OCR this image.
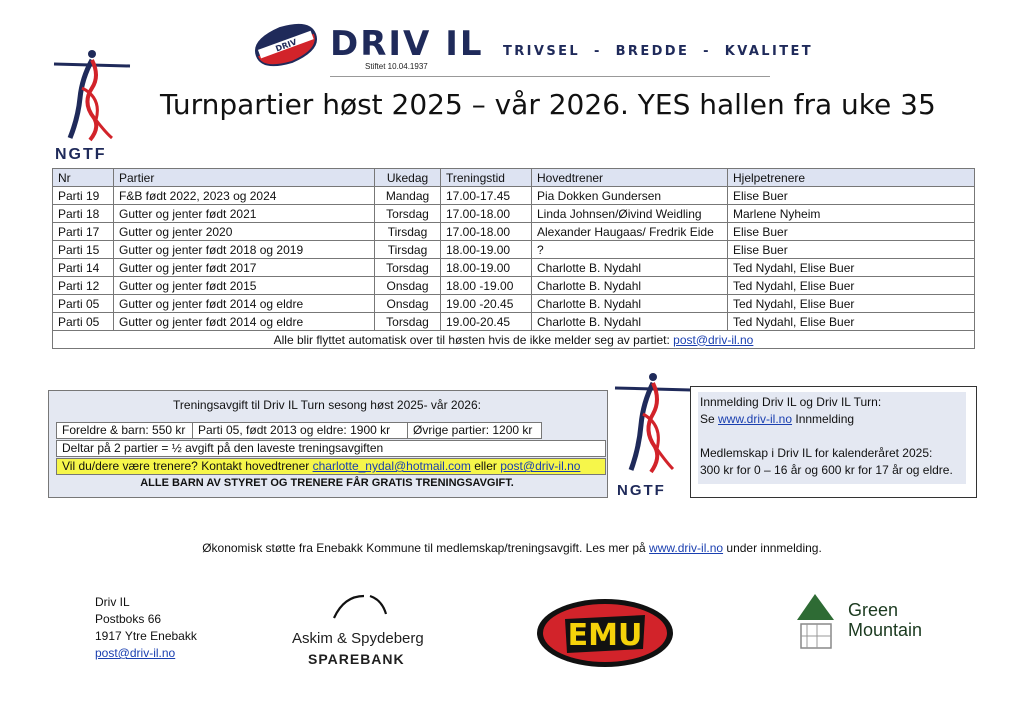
DRIV DRIV IL
Stiftet 10.04.1937
TRIVSEL  -  BREDDE  -  KVALITET
Turnpartier høst 2025 – vår 2026. YES hallen fra uke 35
NGTF
Nr	Partier	Ukedag	Treningstid	Hovedtrener	Hjelpetrenere
Parti 19	F&B født 2022, 2023 og 2024	Mandag	17.00-17.45	Pia Dokken Gundersen	Elise Buer
Parti 18	Gutter og jenter født 2021	Torsdag	17.00-18.00	Linda Johnsen/Øivind Weidling	Marlene Nyheim
Parti 17	Gutter og jenter 2020	Tirsdag	17.00-18.00	Alexander Haugaas/ Fredrik Eide	Elise Buer
Parti 15	Gutter og jenter født 2018 og 2019	Tirsdag	18.00-19.00	?	Elise Buer
Parti 14	Gutter og jenter født 2017	Torsdag	18.00-19.00	Charlotte B. Nydahl	Ted Nydahl, Elise Buer
Parti 12	Gutter og jenter født 2015	Onsdag	18.00 -19.00	Charlotte B. Nydahl	Ted Nydahl, Elise Buer
Parti 05	Gutter og jenter født 2014 og eldre	Onsdag	19.00 -20.45	Charlotte B. Nydahl	Ted Nydahl, Elise Buer
Parti 05	Gutter og jenter født 2014 og eldre	Torsdag	19.00-20.45	Charlotte B. Nydahl	Ted Nydahl, Elise Buer
Alle blir flyttet automatisk over til høsten hvis de ikke melder seg av partiet: post@driv-il.no					
Treningsavgift til Driv IL Turn sesong høst 2025- vår 2026:
Foreldre & barn: 550 kr	Parti 05, født 2013 og eldre: 1900 kr	Øvrige partier: 1200 kr
Deltar på 2 partier = ½ avgift på den laveste treningsavgiften
Vil du/dere være trenere? Kontakt hovedtrener charlotte_nydal@hotmail.com eller post@driv-il.no
ALLE BARN AV STYRET OG TRENERE FÅR GRATIS TRENINGSAVGIFT.	NGTF
Innmelding Driv IL og Driv IL Turn:
Se www.driv-il.no Innmelding
Medlemskap i Driv IL for kalenderåret 2025:
300 kr for 0 – 16 år og 600 kr for 17 år og eldre.
Økonomisk støtte fra Enebakk Kommune til medlemskap/treningsavgift. Les mer på www.driv-il.no under innmelding.
Driv IL
Postboks 66
1917 Ytre Enebakk
post@driv-il.no
Askim & Spydeberg
SPAREBANK
EMU
Green
Mountain
